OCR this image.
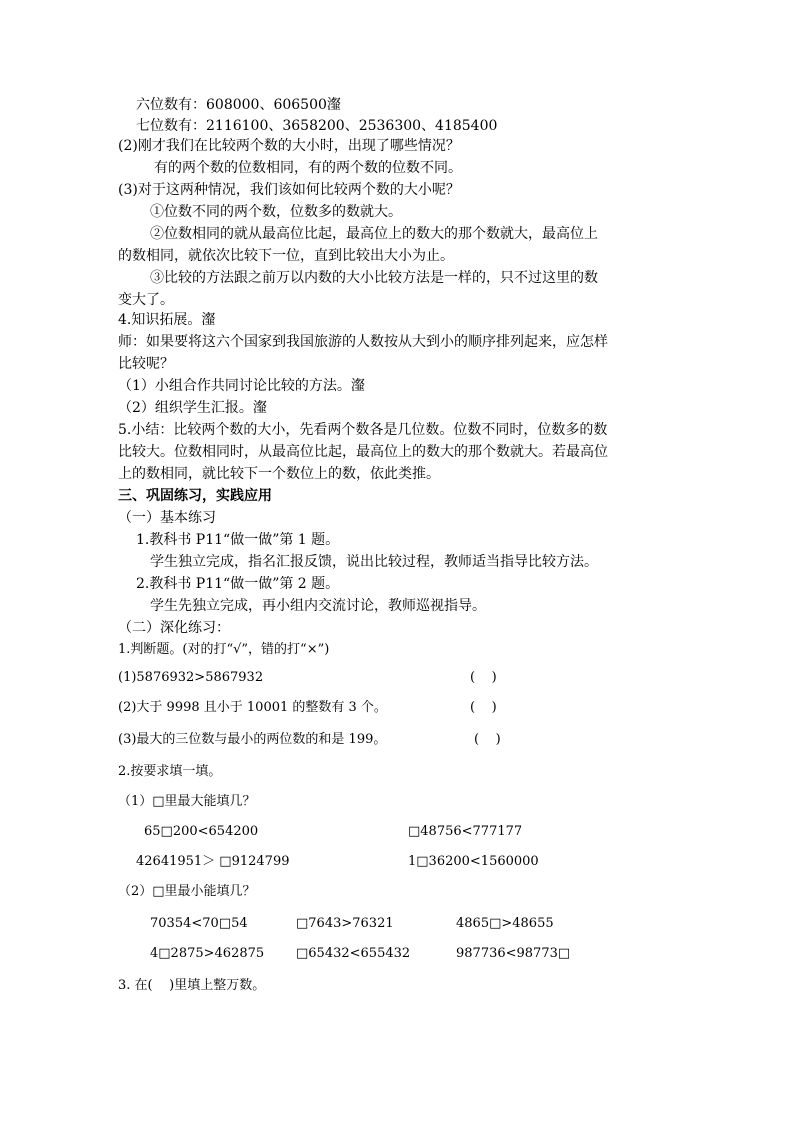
六位数有：608000、606500瀣
七位数有：2116100、3658200、2536300、4185400
(2)刚才我们在比较两个数的大小时，出现了哪些情况？
有的两个数的位数相同，有的两个数的位数不同。
(3)对于这两种情况，我们该如何比较两个数的大小呢？
①位数不同的两个数，位数多的数就大。
②位数相同的就从最高位比起，最高位上的数大的那个数就大，最高位上
的数相同，就依次比较下一位，直到比较出大小为止。
③比较的方法跟之前万以内数的大小比较方法是一样的，只不过这里的数
变大了。
4.知识拓展。瀣
师：如果要将这六个国家到我国旅游的人数按从大到小的顺序排列起来，应怎样
比较呢？
（1）小组合作共同讨论比较的方法。瀣
（2）组织学生汇报。瀣
5.小结：比较两个数的大小，先看两个数各是几位数。位数不同时，位数多的数
比较大。位数相同时，从最高位比起，最高位上的数大的那个数就大。若最高位
上的数相同，就比较下一个数位上的数，依此类推。
三、巩固练习，实践应用
（一）基本练习
1.教科书 P11“做一做”第 1 题。
学生独立完成，指名汇报反馈，说出比较过程，教师适当指导比较方法。
2.教科书 P11“做一做”第 2 题。
学生先独立完成，再小组内交流讨论，教师巡视指导。
（二）深化练习：
1.判断题。(对的打“√”，错的打“×”)
(1)5876932>5867932	(    )
(2)大于 9998 且小于 10001 的整数有 3 个。	(    )
(3)最大的三位数与最小的两位数的和是 199。	(    )
2.按要求填一填。
（1）□里最大能填几？
65□200<654200	□48756<777177
42641951＞ □9124799	1□36200<1560000
（2）□里最小能填几？
70354<70□54	□7643>76321	4865□>48655
4□2875>462875 □65432<655432	987736<98773□
3. 在(    )里填上整万数。
